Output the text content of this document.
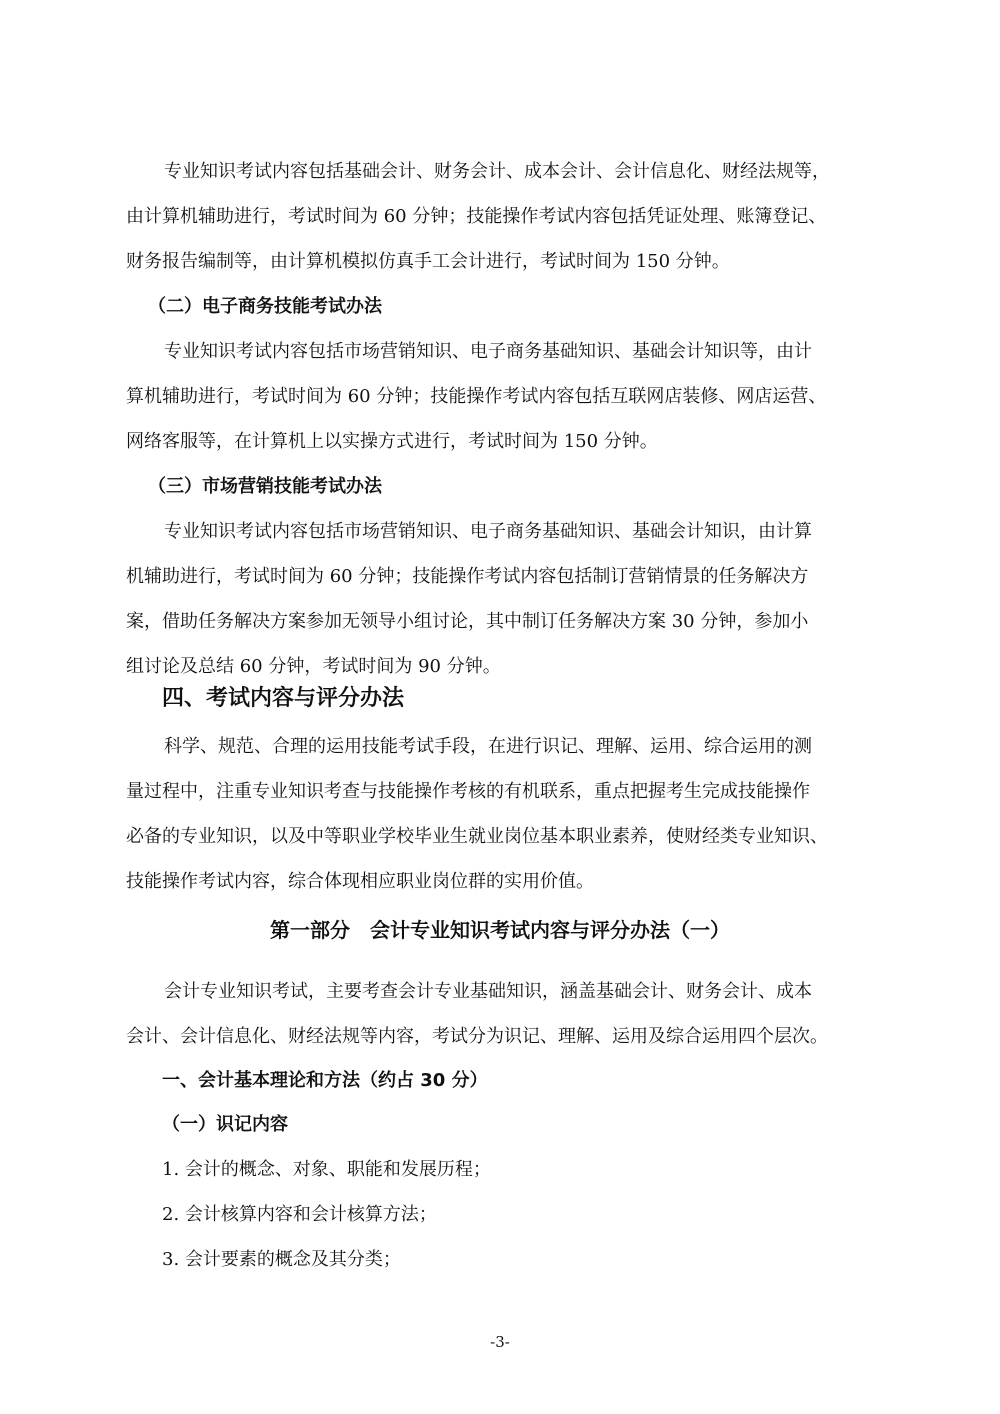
专业知识考试内容包括基础会计、财务会计、成本会计、会计信息化、财经法规等，
由计算机辅助进行，考试时间为 60 分钟；技能操作考试内容包括凭证处理、账簿登记、
财务报告编制等，由计算机模拟仿真手工会计进行，考试时间为 150 分钟。
（二）电子商务技能考试办法
专业知识考试内容包括市场营销知识、电子商务基础知识、基础会计知识等，由计
算机辅助进行，考试时间为 60 分钟；技能操作考试内容包括互联网店装修、网店运营、
网络客服等，在计算机上以实操方式进行，考试时间为 150 分钟。
（三）市场营销技能考试办法
专业知识考试内容包括市场营销知识、电子商务基础知识、基础会计知识，由计算
机辅助进行，考试时间为 60 分钟；技能操作考试内容包括制订营销情景的任务解决方
案，借助任务解决方案参加无领导小组讨论，其中制订任务解决方案 30 分钟，参加小
组讨论及总结 60 分钟，考试时间为 90 分钟。
四、考试内容与评分办法
科学、规范、合理的运用技能考试手段，在进行识记、理解、运用、综合运用的测
量过程中，注重专业知识考查与技能操作考核的有机联系，重点把握考生完成技能操作
必备的专业知识，以及中等职业学校毕业生就业岗位基本职业素养，使财经类专业知识、
技能操作考试内容，综合体现相应职业岗位群的实用价值。
第一部分　会计专业知识考试内容与评分办法（一）
会计专业知识考试，主要考查会计专业基础知识，涵盖基础会计、财务会计、成本
会计、会计信息化、财经法规等内容，考试分为识记、理解、运用及综合运用四个层次。
一、会计基本理论和方法（约占 30 分）
（一）识记内容
1. 会计的概念、对象、职能和发展历程；
2. 会计核算内容和会计核算方法；
3. 会计要素的概念及其分类；
-3-
